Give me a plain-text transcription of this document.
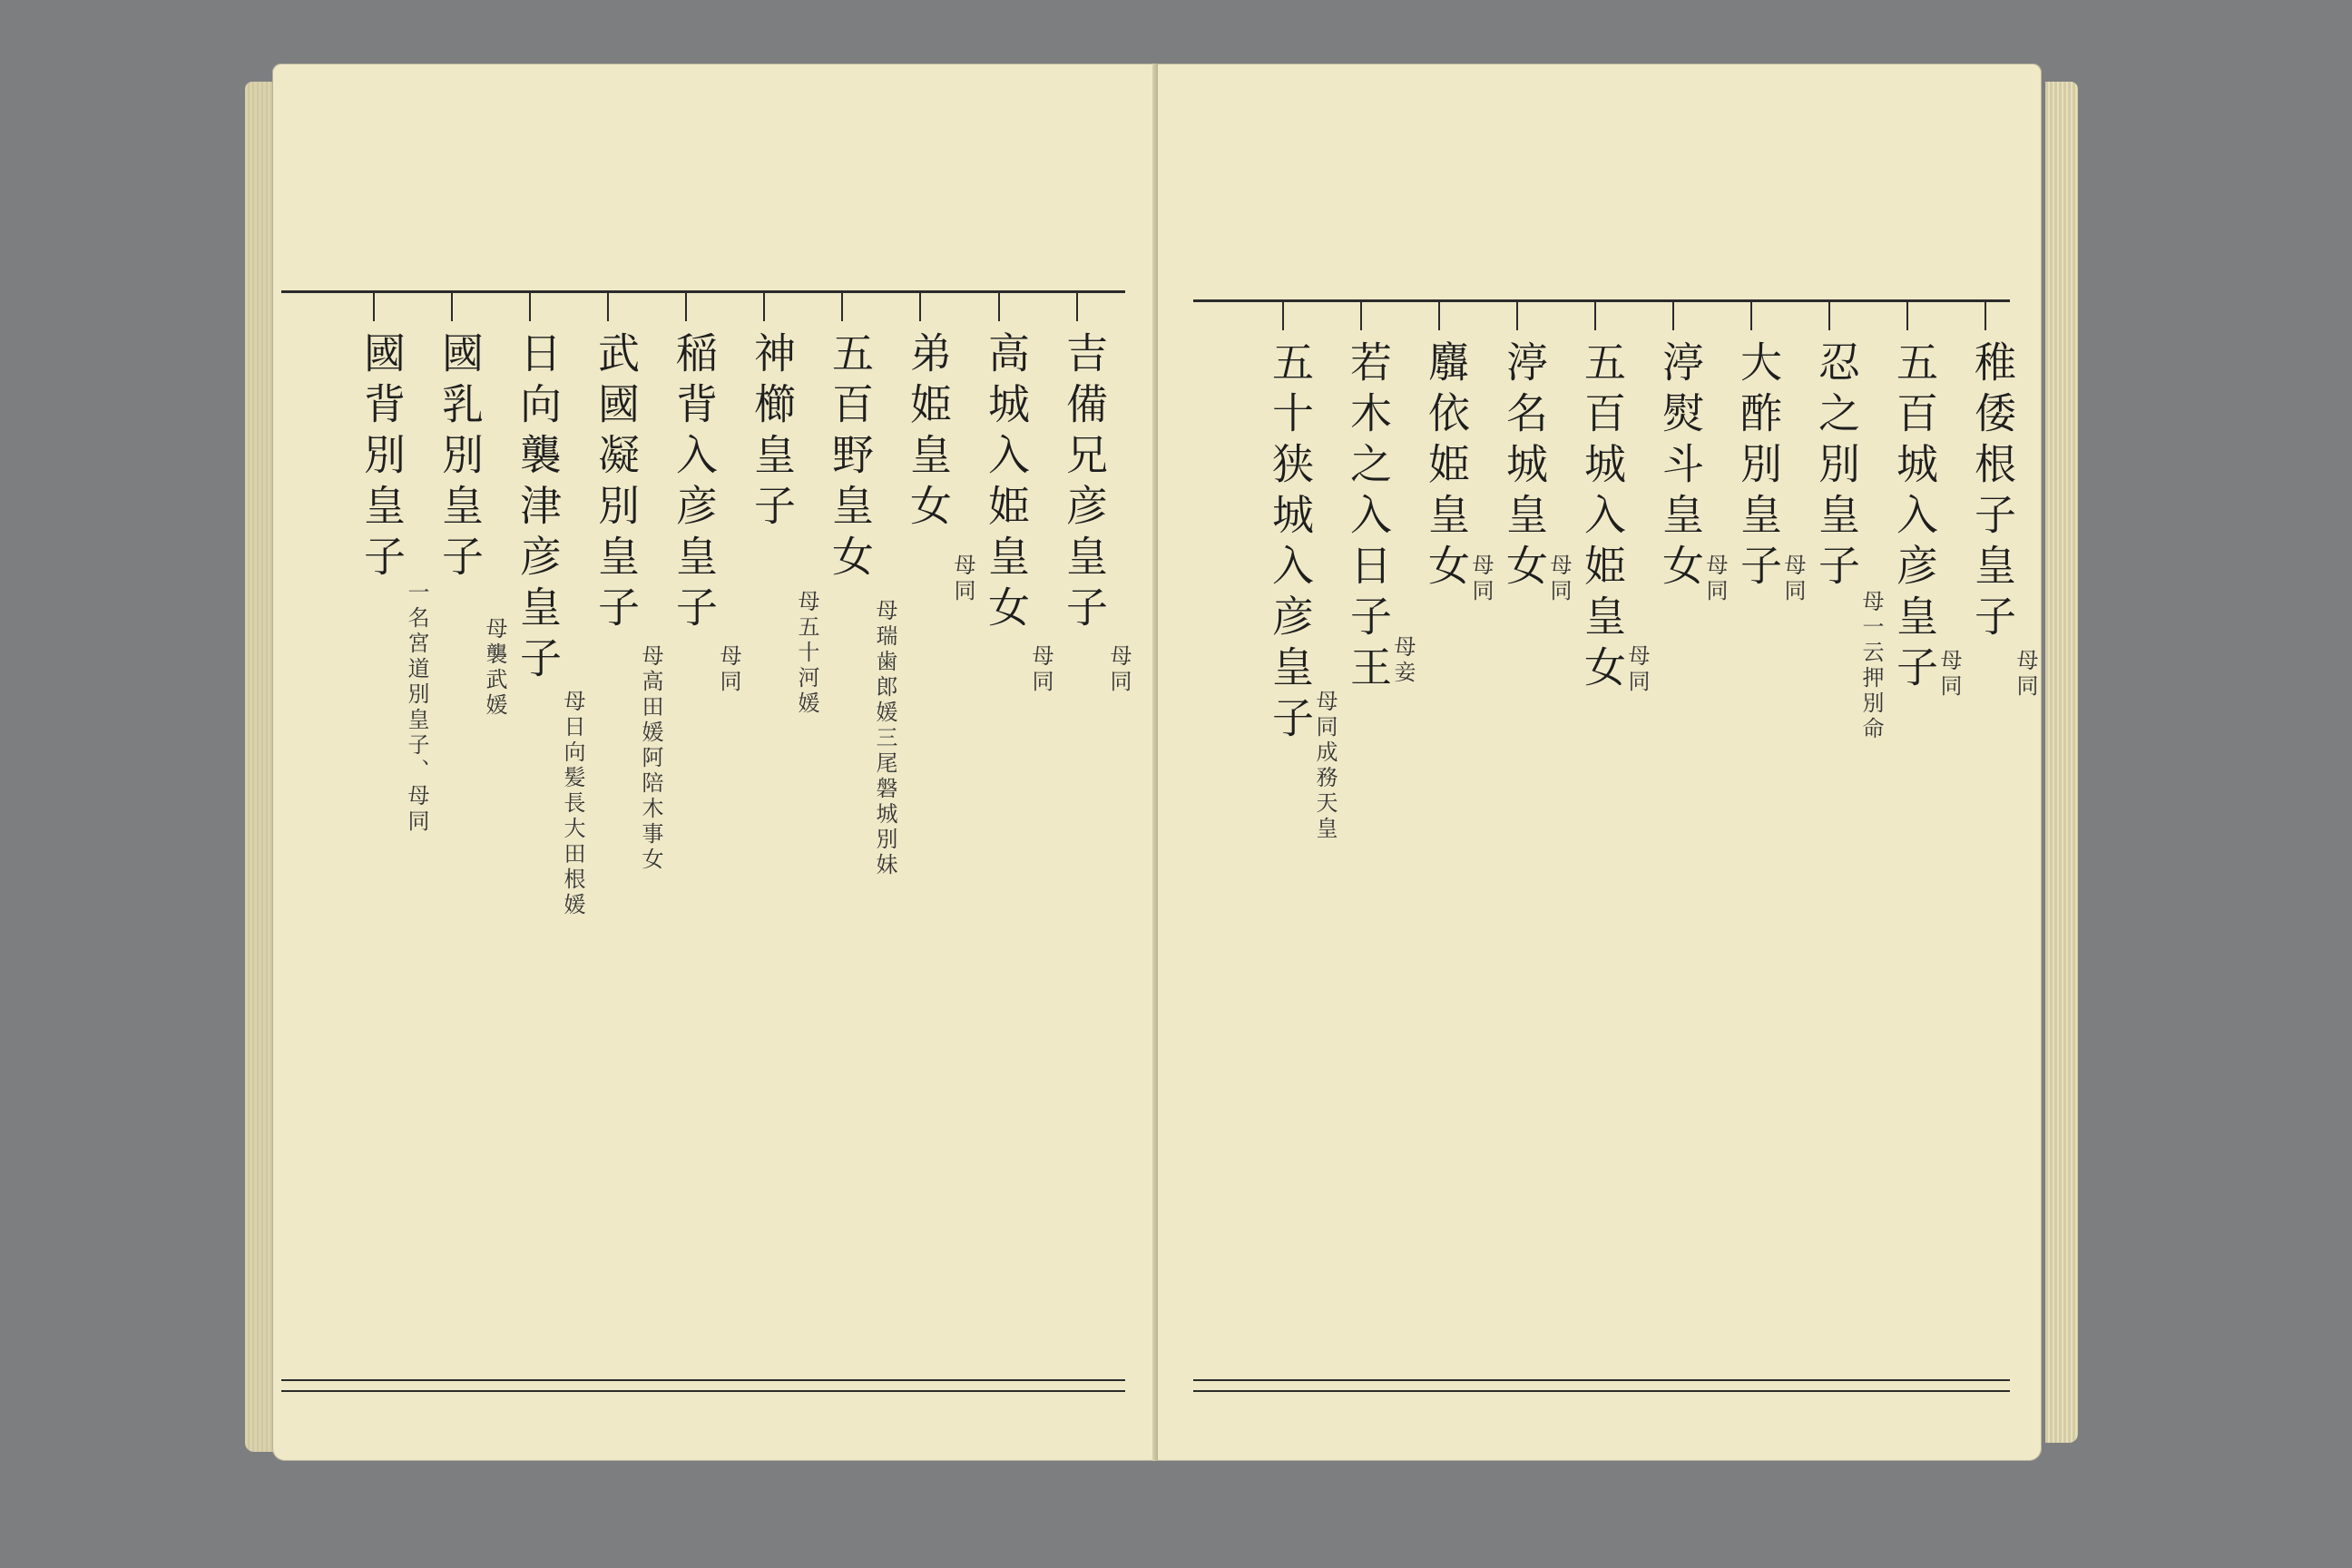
吉備兄彦皇子
母同
高城入姫皇女
母同
弟姫皇女
母同
五百野皇女
母瑞歯郎媛三尾磐城別妹
神櫛皇子
母五十河媛
稲背入彦皇子
母同
武國凝別皇子
母高田媛阿陪木事女
日向襲津彦皇子
母日向髪長大田根媛
國乳別皇子
母襲武媛
國背別皇子
一名宮道別皇子、母同
稚倭根子皇子
母同
五百城入彦皇子
母同
忍之別皇子
母一云押別命
大酢別皇子
母同
渟熨斗皇女
母同
五百城入姫皇女
母同
渟名城皇女
母同
麛依姫皇女
母同
若木之入日子王
母妾
五十狭城入彦皇子
母同成務天皇
